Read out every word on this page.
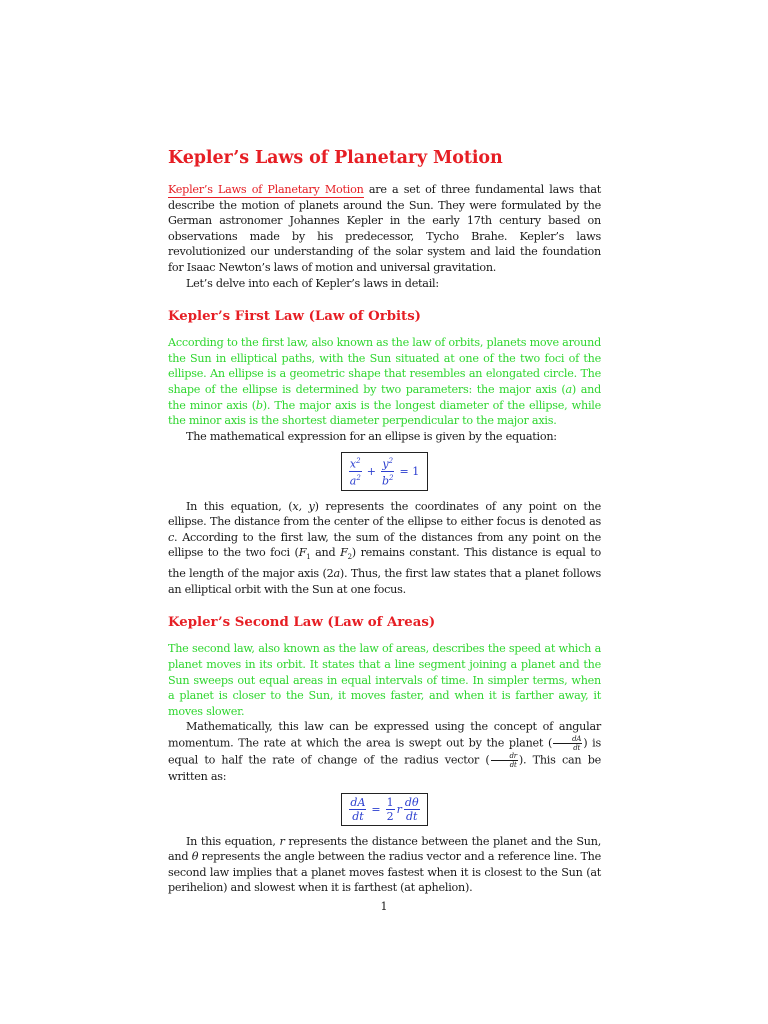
Kepler’s Laws of Planetary Motion

Kepler’s Laws of Planetary Motion are a set of three fundamental laws that describe the motion of planets around the Sun. They were formulated by the German astronomer Johannes Kepler in the early 17th century based on observations made by his predecessor, Tycho Brahe. Kepler’s laws revolutionized our understanding of the solar system and laid the foundation for Isaac Newton’s laws of motion and universal gravitation.

Let’s delve into each of Kepler’s laws in detail:

Kepler’s First Law (Law of Orbits)

According to the first law, also known as the law of orbits, planets move around the Sun in elliptical paths, with the Sun situated at one of the two foci of the ellipse. An ellipse is a geometric shape that resembles an elongated circle. The shape of the ellipse is determined by two parameters: the major axis (a) and the minor axis (b). The major axis is the longest diameter of the ellipse, while the minor axis is the shortest diameter perpendicular to the major axis.

The mathematical expression for an ellipse is given by the equation:

$\frac{x^2}{a^2} + \frac{y^2}{b^2} = 1$

In this equation, (x, y) represents the coordinates of any point on the ellipse. The distance from the center of the ellipse to either focus is denoted as c. According to the first law, the sum of the distances from any point on the ellipse to the two foci ($F_1$ and $F_2$) remains constant. This distance is equal to the length of the major axis (2a). Thus, the first law states that a planet follows an elliptical orbit with the Sun at one focus.

Kepler’s Second Law (Law of Areas)

The second law, also known as the law of areas, describes the speed at which a planet moves in its orbit. It states that a line segment joining a planet and the Sun sweeps out equal areas in equal intervals of time. In simpler terms, when a planet is closer to the Sun, it moves faster, and when it is farther away, it moves slower.

Mathematically, this law can be expressed using the concept of angular momentum. The rate at which the area is swept out by the planet ( $\frac{dA}{dt}$ ) is equal to half the rate of change of the radius vector ( $\frac{dr}{dt}$ ). This can be written as:

$\frac{dA}{dt} = \frac{1}{2}$ r $\frac{d\theta}{dt}$

In this equation, r represents the distance between the planet and the Sun, and θ represents the angle between the radius vector and a reference line. The second law implies that a planet moves fastest when it is closest to the Sun (at perihelion) and slowest when it is farthest (at aphelion).

1
